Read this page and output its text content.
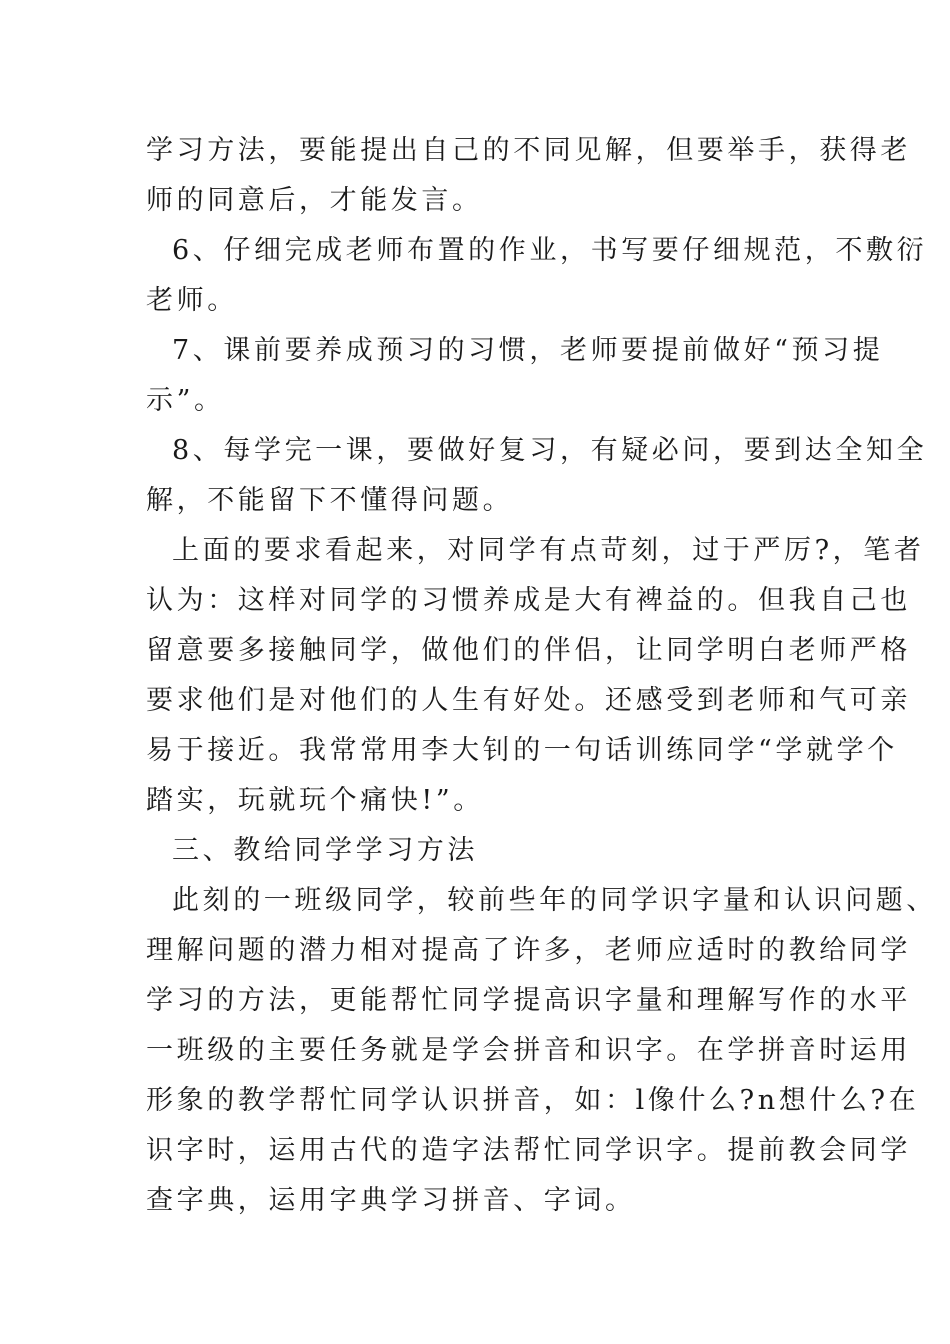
学习方法，要能提出自己的不同见解，但要举手，获得老
师的同意后，才能发言。
6、仔细完成老师布置的作业，书写要仔细规范，不敷衍
老师。
7、课前要养成预习的习惯，老师要提前做好“预习提
示”。
8、每学完一课，要做好复习，有疑必问，要到达全知全
解，不能留下不懂得问题。
上面的要求看起来，对同学有点苛刻，过于严厉?，笔者
认为：这样对同学的习惯养成是大有裨益的。但我自己也
留意要多接触同学，做他们的伴侣，让同学明白老师严格
要求他们是对他们的人生有好处。还感受到老师和气可亲
易于接近。我常常用李大钊的一句话训练同学“学就学个
踏实，玩就玩个痛快!”。
三、教给同学学习方法
此刻的一班级同学，较前些年的同学识字量和认识问题、
理解问题的潜力相对提高了许多，老师应适时的教给同学
学习的方法，更能帮忙同学提高识字量和理解写作的水平
一班级的主要任务就是学会拼音和识字。在学拼音时运用
形象的教学帮忙同学认识拼音，如：l像什么?n想什么?在
识字时，运用古代的造字法帮忙同学识字。提前教会同学
查字典，运用字典学习拼音、字词。
